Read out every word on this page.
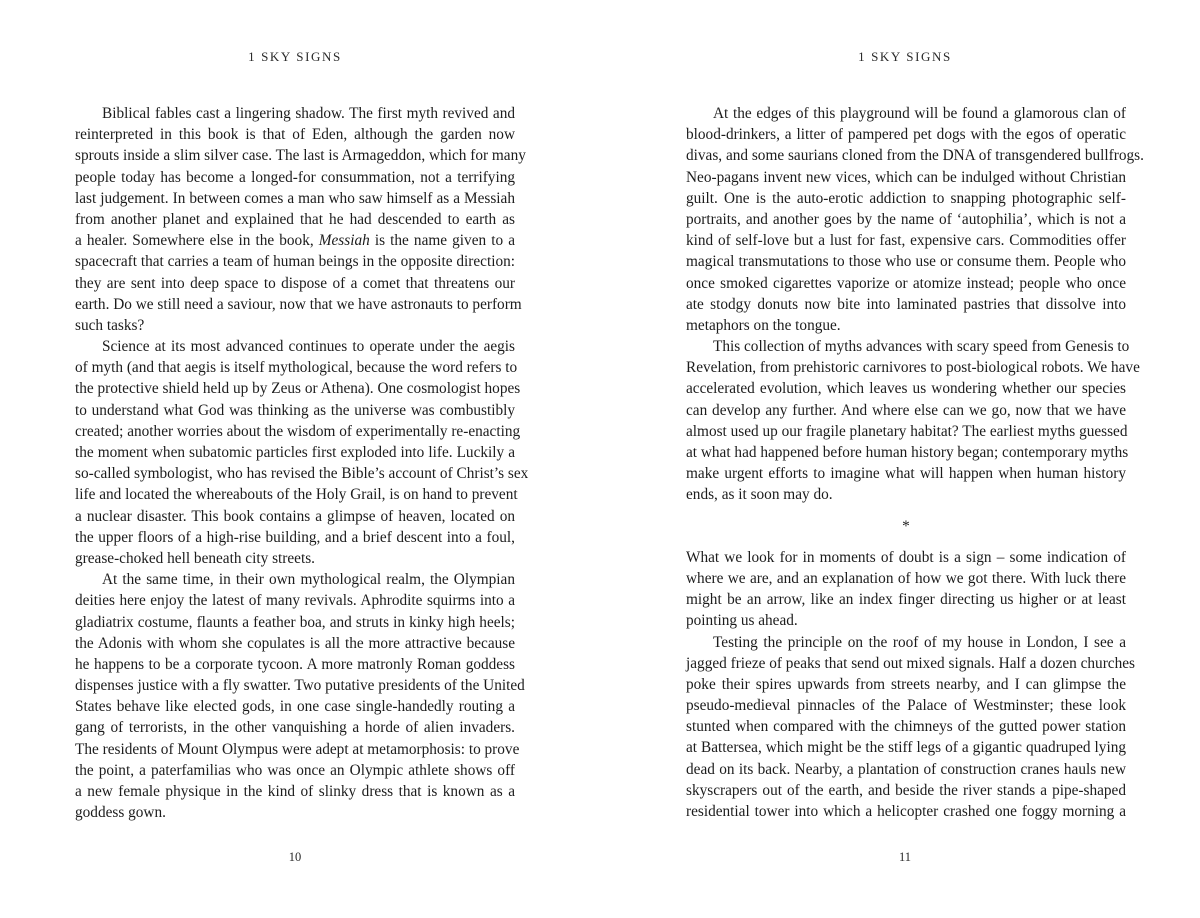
1 SKY SIGNS
Biblical fables cast a lingering shadow. The first myth revived and
reinterpreted in this book is that of Eden, although the garden now
sprouts inside a slim silver case. The last is Armageddon, which for many
people today has become a longed-for consummation, not a terrifying
last judgement. In between comes a man who saw himself as a Messiah
from another planet and explained that he had descended to earth as
a healer. Somewhere else in the book, Messiah is the name given to a
spacecraft that carries a team of human beings in the opposite direction:
they are sent into deep space to dispose of a comet that threatens our
earth. Do we still need a saviour, now that we have astronauts to perform
such tasks?
Science at its most advanced continues to operate under the aegis
of myth (and that aegis is itself mythological, because the word refers to
the protective shield held up by Zeus or Athena). One cosmologist hopes
to understand what God was thinking as the universe was combustibly
created; another worries about the wisdom of experimentally re-enacting
the moment when subatomic particles first exploded into life. Luckily a
so-called symbologist, who has revised the Bible’s account of Christ’s sex
life and located the whereabouts of the Holy Grail, is on hand to prevent
a nuclear disaster. This book contains a glimpse of heaven, located on
the upper floors of a high-rise building, and a brief descent into a foul,
grease-choked hell beneath city streets.
At the same time, in their own mythological realm, the Olympian
deities here enjoy the latest of many revivals. Aphrodite squirms into a
gladiatrix costume, flaunts a feather boa, and struts in kinky high heels;
the Adonis with whom she copulates is all the more attractive because
he happens to be a corporate tycoon. A more matronly Roman goddess
dispenses justice with a fly swatter. Two putative presidents of the United
States behave like elected gods, in one case single-handedly routing a
gang of terrorists, in the other vanquishing a horde of alien invaders.
The residents of Mount Olympus were adept at metamorphosis: to prove
the point, a paterfamilias who was once an Olympic athlete shows off
a new female physique in the kind of slinky dress that is known as a
goddess gown.
10
1 SKY SIGNS
At the edges of this playground will be found a glamorous clan of
blood-drinkers, a litter of pampered pet dogs with the egos of operatic
divas, and some saurians cloned from the DNA of transgendered bullfrogs.
Neo-pagans invent new vices, which can be indulged without Christian
guilt. One is the auto-erotic addiction to snapping photographic self-
portraits, and another goes by the name of ‘autophilia’, which is not a
kind of self-love but a lust for fast, expensive cars. Commodities offer
magical transmutations to those who use or consume them. People who
once smoked cigarettes vaporize or atomize instead; people who once
ate stodgy donuts now bite into laminated pastries that dissolve into
metaphors on the tongue.
This collection of myths advances with scary speed from Genesis to
Revelation, from prehistoric carnivores to post-biological robots. We have
accelerated evolution, which leaves us wondering whether our species
can develop any further. And where else can we go, now that we have
almost used up our fragile planetary habitat? The earliest myths guessed
at what had happened before human history began; contemporary myths
make urgent efforts to imagine what will happen when human history
ends, as it soon may do.
*
What we look for in moments of doubt is a sign – some indication of
where we are, and an explanation of how we got there. With luck there
might be an arrow, like an index finger directing us higher or at least
pointing us ahead.
Testing the principle on the roof of my house in London, I see a
jagged frieze of peaks that send out mixed signals. Half a dozen churches
poke their spires upwards from streets nearby, and I can glimpse the
pseudo-medieval pinnacles of the Palace of Westminster; these look
stunted when compared with the chimneys of the gutted power station
at Battersea, which might be the stiff legs of a gigantic quadruped lying
dead on its back. Nearby, a plantation of construction cranes hauls new
skyscrapers out of the earth, and beside the river stands a pipe-shaped
residential tower into which a helicopter crashed one foggy morning a
11
